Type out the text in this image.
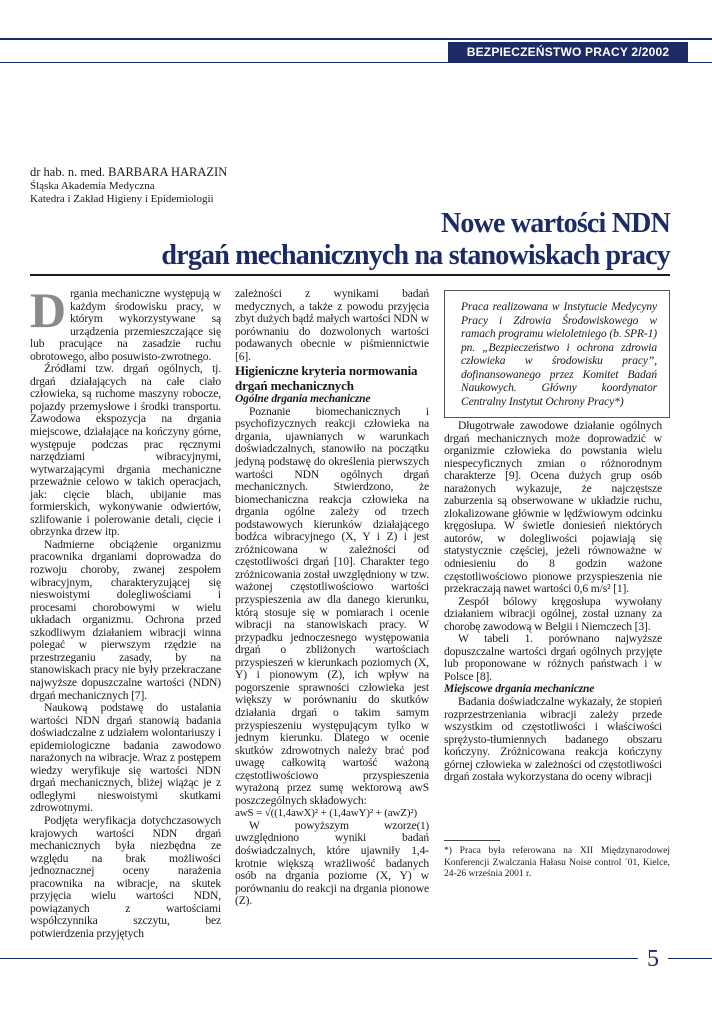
BEZPIECZEŃSTWO PRACY 2/2002
dr hab. n. med. BARBARA HARAZIN
Śląska Akademia Medyczna
Katedra i Zakład Higieny i Epidemiologii
Nowe wartości NDN
drgań mechanicznych na stanowiskach pracy

Drgania mechaniczne występują w każdym środowisku pracy, w którym wykorzystywane są urządzenia przemieszczające się lub pracujące na zasadzie ruchu obrotowego, albo posuwisto-zwrotnego.

Źródłami tzw. drgań ogólnych, tj. drgań działających na całe ciało człowieka, są ruchome maszyny robocze, pojazdy przemysłowe i środki transportu. Zawodowa ekspozycja na drgania miejscowe, działające na kończyny górne, występuje podczas prac ręcznymi narzędziami wibracyjnymi, wytwarzającymi drgania mechaniczne przeważnie celowo w takich operacjach, jak: cięcie blach, ubijanie mas formierskich, wykonywanie odwiertów, szlifowanie i polerowanie detali, cięcie i obrzynka drzew itp.

Nadmierne obciążenie organizmu pracownika drganiami doprowadza do rozwoju choroby, zwanej zespołem wibracyjnym, charakteryzującej się nieswoistymi dolegliwościami i procesami chorobowymi w wielu układach organizmu. Ochrona przed szkodliwym działaniem wibracji winna polegać w pierwszym rzędzie na przestrzeganiu zasady, by na stanowiskach pracy nie były przekraczane najwyższe dopuszczalne wartości (NDN) drgań mechanicznych [7].

Naukową podstawę do ustalania wartości NDN drgań stanowią badania doświadczalne z udziałem wolontariuszy i epidemiologiczne badania zawodowo narażonych na wibracje. Wraz z postępem wiedzy weryfikuje się wartości NDN drgań mechanicznych, bliżej wiążąc je z odległymi nieswoistymi skutkami zdrowotnymi.

Podjęta weryfikacja dotychczasowych krajowych wartości NDN drgań mechanicznych była niezbędna ze względu na brak możliwości jednoznacznej oceny narażenia pracownika na wibracje, na skutek przyjęcia wielu wartości NDN, powiązanych z wartościami współczynnika szczytu, bez potwierdzenia przyjętych

zależności z wynikami badań medycznych, a także z powodu przyjęcia zbyt dużych bądź małych wartości NDN w porównaniu do dozwolonych wartości podawanych obecnie w piśmiennictwie [6].

Higieniczne kryteria normowania drgań mechanicznych

Ogólne drgania mechaniczne

Poznanie biomechanicznych i psychofizycznych reakcji człowieka na drgania, ujawnianych w warunkach doświadczalnych, stanowiło na początku jedyną podstawę do określenia pierwszych wartości NDN ogólnych drgań mechanicznych. Stwierdzono, że biomechaniczna reakcja człowieka na drgania ogólne zależy od trzech podstawowych kierunków działającego bodźca wibracyjnego (X, Y i Z) i jest zróżnicowana w zależności od częstotliwości drgań [10]. Charakter tego zróżnicowania został uwzględniony w tzw. ważonej częstotliwościowo wartości przyspieszenia aw dla danego kierunku, którą stosuje się w pomiarach i ocenie wibracji na stanowiskach pracy. W przypadku jednoczesnego występowania drgań o zbliżonych wartościach przyspieszeń w kierunkach poziomych (X, Y) i pionowym (Z), ich wpływ na pogorszenie sprawności człowieka jest większy w porównaniu do skutków działania drgań o takim samym przyspieszeniu występującym tylko w jednym kierunku. Dlatego w ocenie skutków zdrowotnych należy brać pod uwagę całkowitą wartość ważoną częstotliwościowo przyspieszenia wyrażoną przez sumę wektorową awS poszczególnych składowych:

awS = √((1,4awX)² + (1,4awY)² + (awZ)²)
(1)

W powyższym wzorze uwzględniono wyniki badań doświadczalnych, które ujawniły 1,4-krotnie większą wrażliwość badanych osób na drgania poziome (X, Y) w porównaniu do reakcji na drgania pionowe (Z).

Praca realizowana w Instytucie Medycyny Pracy i Zdrowia Środowiskowego w ramach programu wieloletniego (b. SPR-1) pn. „Bezpieczeństwo i ochrona zdrowia człowieka w środowisku pracy”, dofinansowanego przez Komitet Badań Naukowych. Główny koordynator Centralny Instytut Ochrony Pracy*)

Długotrwałe zawodowe działanie ogólnych drgań mechanicznych może doprowadzić w organizmie człowieka do powstania wielu niespecyficznych zmian o różnorodnym charakterze [9]. Ocena dużych grup osób narażonych wykazuje, że najczęstsze zaburzenia są obserwowane w układzie ruchu, zlokalizowane głównie w lędźwiowym odcinku kręgosłupa. W świetle doniesień niektórych autorów, w dolegliwości pojawiają się statystycznie częściej, jeżeli równoważne w odniesieniu do 8 godzin ważone częstotliwościowo pionowe przyspieszenia nie przekraczają nawet wartości 0,6 m/s² [1].

Zespół bólowy kręgosłupa wywołany działaniem wibracji ogólnej, został uznany za chorobę zawodową w Belgii i Niemczech [3].

W tabeli 1. porównano najwyższe dopuszczalne wartości drgań ogólnych przyjęte lub proponowane w różnych państwach i w Polsce [8].

Miejscowe drgania mechaniczne

Badania doświadczalne wykazały, że stopień rozprzestrzeniania wibracji zależy przede wszystkim od częstotliwości i właściwości sprężysto-tłumiennych badanego obszaru kończyny. Zróżnicowana reakcja kończyny górnej człowieka w zależności od częstotliwości drgań została wykorzystana do oceny wibracji

*) Praca była referowana na XII Międzynarodowej Konferencji Zwalczania Hałasu Noise control ´01, Kielce, 24-26 września 2001 r.
5
